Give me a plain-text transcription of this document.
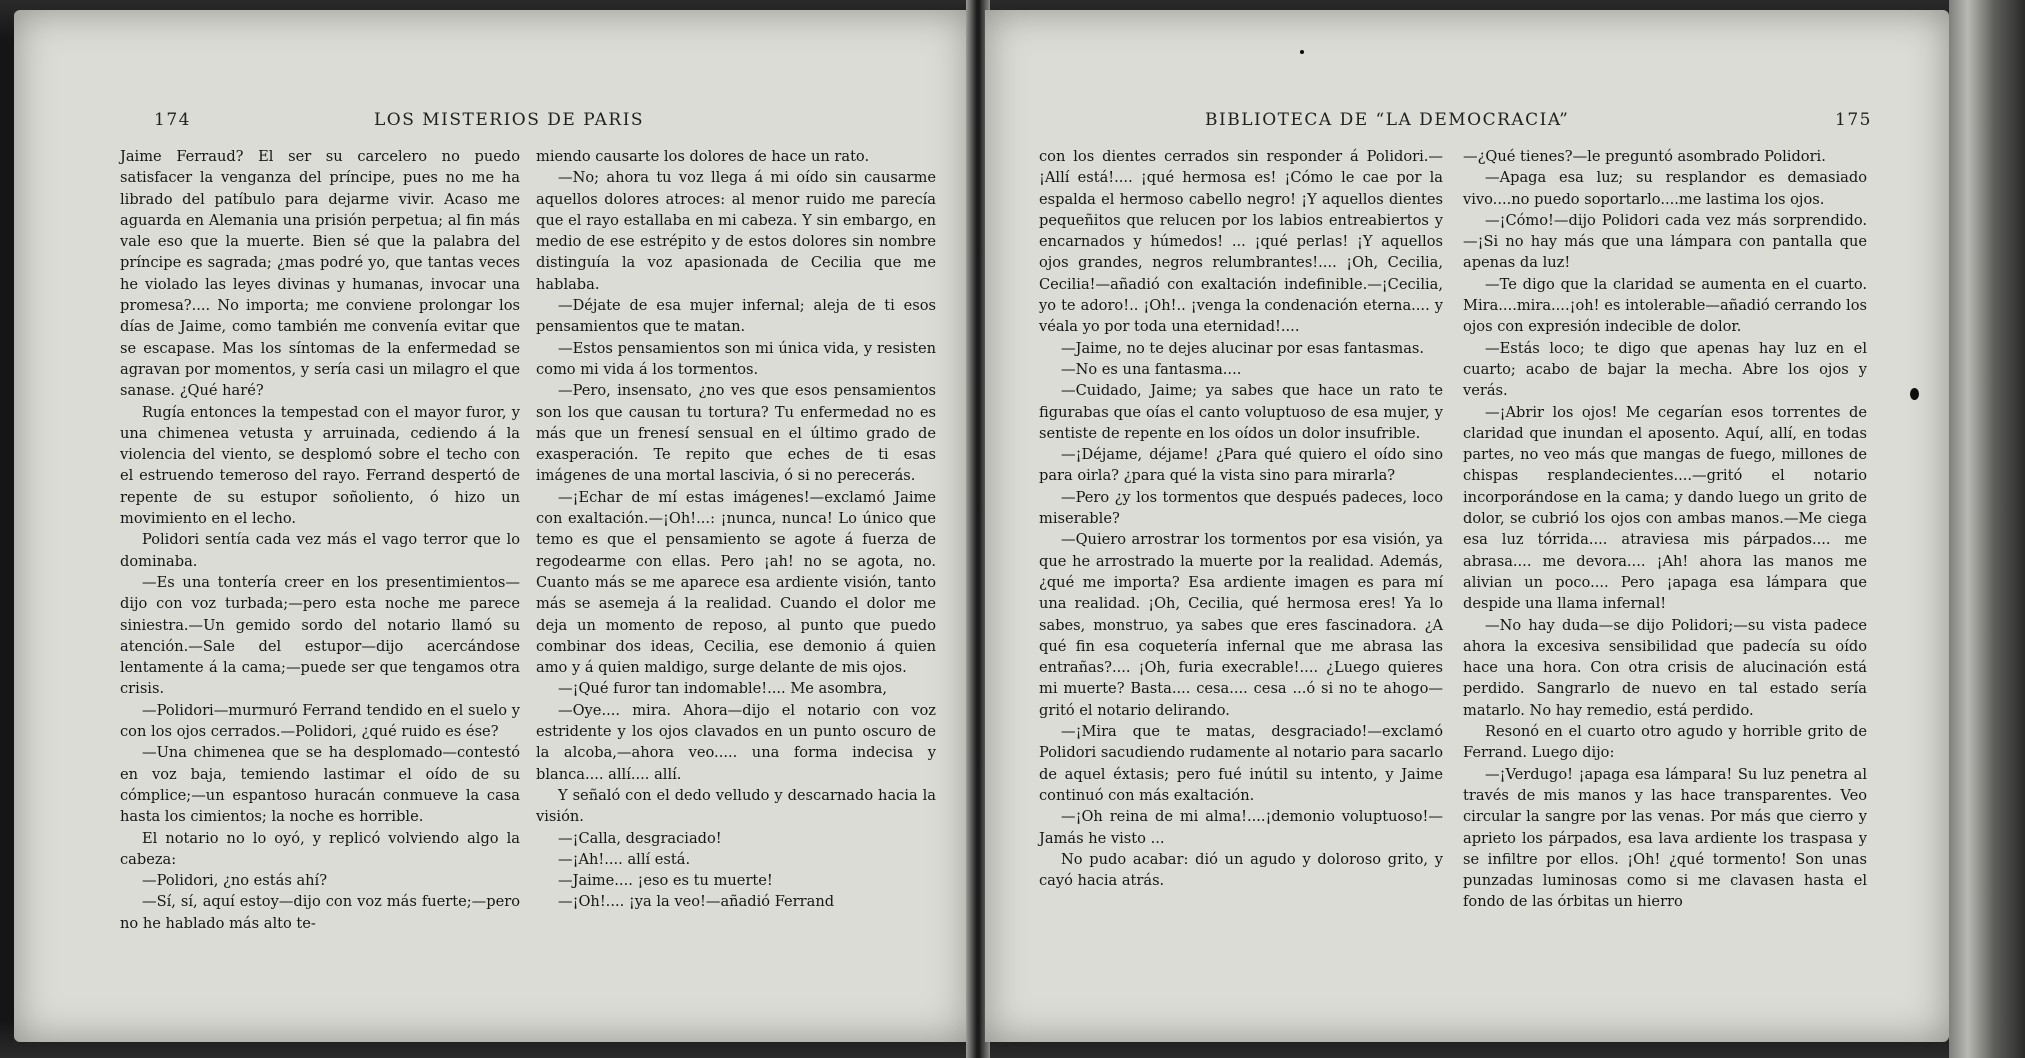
174	LOS MISTERIOS DE PARIS

Jaime Ferraud? El ser su carcelero no puedo satisfacer la venganza del príncipe, pues no me ha librado del patíbulo para dejarme vivir. Acaso me aguarda en Alemania una prisión perpetua; al fin más vale eso que la muerte. Bien sé que la palabra del príncipe es sagrada; ¿mas podré yo, que tantas veces he violado las leyes divinas y humanas, invocar una promesa?.... No importa; me conviene prolongar los días de Jaime, como también me convenía evitar que se escapase. Mas los síntomas de la enfermedad se agravan por momentos, y sería casi un milagro el que sanase. ¿Qué haré?

Rugía entonces la tempestad con el mayor furor, y una chimenea vetusta y arruinada, cediendo á la violencia del viento, se desplomó sobre el techo con el estruendo temeroso del rayo. Ferrand despertó de repente de su estupor soñoliento, ó hizo un movimiento en el lecho.

Polidori sentía cada vez más el vago terror que lo dominaba.

—Es una tontería creer en los presentimientos—dijo con voz turbada;—pero esta noche me parece siniestra.—Un gemido sordo del notario llamó su atención.—Sale del estupor—dijo acercándose lentamente á la cama;—puede ser que tengamos otra crisis.

—Polidori—murmuró Ferrand tendido en el suelo y con los ojos cerrados.—Polidori, ¿qué ruido es ése?

—Una chimenea que se ha desplomado—contestó en voz baja, temiendo lastimar el oído de su cómplice;—un espantoso huracán conmueve la casa hasta los cimientos; la noche es horrible.

El notario no lo oyó, y replicó volviendo algo la cabeza:

—Polidori, ¿no estás ahí?

—Sí, sí, aquí estoy—dijo con voz más fuerte;—pero no he hablado más alto te-

miendo causarte los dolores de hace un rato.

—No; ahora tu voz llega á mi oído sin causarme aquellos dolores atroces: al menor ruido me parecía que el rayo estallaba en mi cabeza. Y sin embargo, en medio de ese estrépito y de estos dolores sin nombre distinguía la voz apasionada de Cecilia que me hablaba.

—Déjate de esa mujer infernal; aleja de ti esos pensamientos que te matan.

—Estos pensamientos son mi única vida, y resisten como mi vida á los tormentos.

—Pero, insensato, ¿no ves que esos pensamientos son los que causan tu tortura? Tu enfermedad no es más que un frenesí sensual en el último grado de exasperación. Te repito que eches de ti esas imágenes de una mortal lascivia, ó si no perecerás.

—¡Echar de mí estas imágenes!—exclamó Jaime con exaltación.—¡Oh!...: ¡nunca, nunca! Lo único que temo es que el pensamiento se agote á fuerza de regodearme con ellas. Pero ¡ah! no se agota, no. Cuanto más se me aparece esa ardiente visión, tanto más se asemeja á la realidad. Cuando el dolor me deja un momento de reposo, al punto que puedo combinar dos ideas, Cecilia, ese demonio á quien amo y á quien maldigo, surge delante de mis ojos.

—¡Qué furor tan indomable!.... Me asombra,

—Oye.... mira. Ahora—dijo el notario con voz estridente y los ojos clavados en un punto oscuro de la alcoba,—ahora veo..... una forma indecisa y blanca.... allí.... allí.

Y señaló con el dedo velludo y descarnado hacia la visión.

—¡Calla, desgraciado!

—¡Ah!.... allí está.

—Jaime.... ¡eso es tu muerte!

—¡Oh!.... ¡ya la veo!—añadió Ferrand

BIBLIOTECA DE “LA DEMOCRACIA”	175

con los dientes cerrados sin responder á Polidori.—¡Allí está!.... ¡qué hermosa es! ¡Cómo le cae por la espalda el hermoso cabello negro! ¡Y aquellos dientes pequeñitos que relucen por los labios entreabiertos y encarnados y húmedos! ... ¡qué perlas! ¡Y aquellos ojos grandes, negros relumbrantes!.... ¡Oh, Cecilia, Cecilia!—añadió con exaltación indefinible.—¡Cecilia, yo te adoro!.. ¡Oh!.. ¡venga la condenación eterna.... y véala yo por toda una eternidad!....

—Jaime, no te dejes alucinar por esas fantasmas.

—No es una fantasma....

—Cuidado, Jaime; ya sabes que hace un rato te figurabas que oías el canto voluptuoso de esa mujer, y sentiste de repente en los oídos un dolor insufrible.

—¡Déjame, déjame! ¿Para qué quiero el oído sino para oirla? ¿para qué la vista sino para mirarla?

—Pero ¿y los tormentos que después padeces, loco miserable?

—Quiero arrostrar los tormentos por esa visión, ya que he arrostrado la muerte por la realidad. Además, ¿qué me importa? Esa ardiente imagen es para mí una realidad. ¡Oh, Cecilia, qué hermosa eres! Ya lo sabes, monstruo, ya sabes que eres fascinadora. ¿A qué fin esa coquetería infernal que me abrasa las entrañas?.... ¡Oh, furia execrable!.... ¿Luego quieres mi muerte? Basta.... cesa.... cesa ...ó si no te ahogo—gritó el notario delirando.

—¡Mira que te matas, desgraciado!—exclamó Polidori sacudiendo rudamente al notario para sacarlo de aquel éxtasis; pero fué inútil su intento, y Jaime continuó con más exaltación.

—¡Oh reina de mi alma!....¡demonio voluptuoso!—Jamás he visto ...

No pudo acabar: dió un agudo y doloroso grito, y cayó hacia atrás.

—¿Qué tienes?—le preguntó asombrado Polidori.

—Apaga esa luz; su resplandor es demasiado vivo....no puedo soportarlo....me lastima los ojos.

—¡Cómo!—dijo Polidori cada vez más sorprendido.—¡Si no hay más que una lámpara con pantalla que apenas da luz!

—Te digo que la claridad se aumenta en el cuarto. Mira....mira....¡oh! es intolerable—añadió cerrando los ojos con expresión indecible de dolor.

—Estás loco; te digo que apenas hay luz en el cuarto; acabo de bajar la mecha. Abre los ojos y verás.

—¡Abrir los ojos! Me cegarían esos torrentes de claridad que inundan el aposento. Aquí, allí, en todas partes, no veo más que mangas de fuego, millones de chispas resplandecientes....—gritó el notario incorporándose en la cama; y dando luego un grito de dolor, se cubrió los ojos con ambas manos.—Me ciega esa luz tórrida.... atraviesa mis párpados.... me abrasa.... me devora.... ¡Ah! ahora las manos me alivian un poco.... Pero ¡apaga esa lámpara que despide una llama infernal!

—No hay duda—se dijo Polidori;—su vista padece ahora la excesiva sensibilidad que padecía su oído hace una hora. Con otra crisis de alucinación está perdido. Sangrarlo de nuevo en tal estado sería matarlo. No hay remedio, está perdido.

Resonó en el cuarto otro agudo y horrible grito de Ferrand. Luego dijo:

—¡Verdugo! ¡apaga esa lámpara! Su luz penetra al través de mis manos y las hace transparentes. Veo circular la sangre por las venas. Por más que cierro y aprieto los párpados, esa lava ardiente los traspasa y se infiltre por ellos. ¡Oh! ¿qué tormento! Son unas punzadas luminosas como si me clavasen hasta el fondo de las órbitas un hierro
